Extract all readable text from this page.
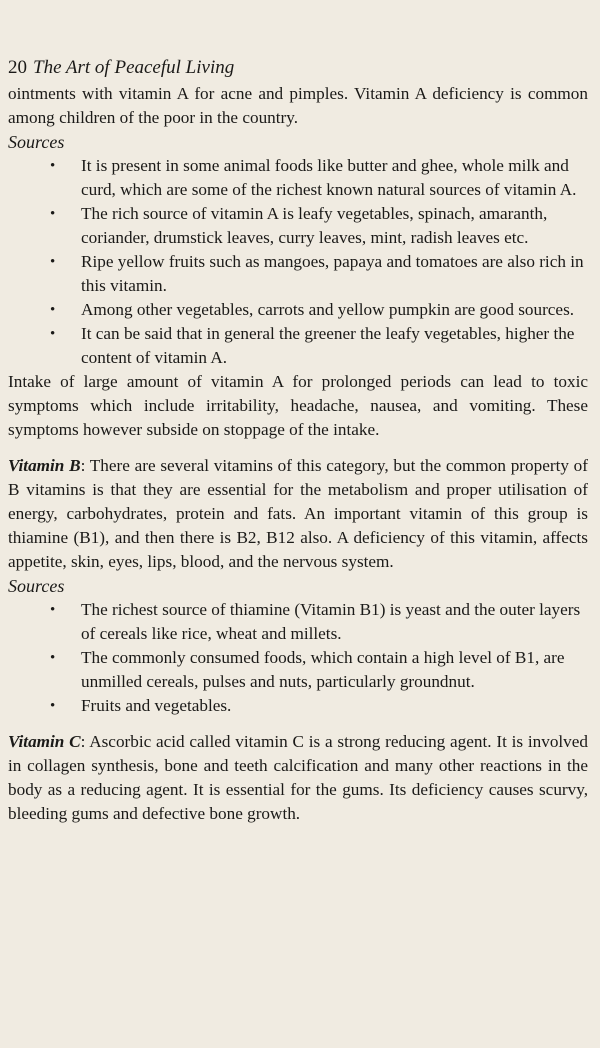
20 The Art of Peaceful Living

ointments with vitamin A for acne and pimples. Vitamin A deficiency is common among children of the poor in the country.

Sources
• It is present in some animal foods like butter and ghee, whole milk and curd, which are some of the richest known natural sources of vitamin A.
• The rich source of vitamin A is leafy vegetables, spinach, amaranth, coriander, drumstick leaves, curry leaves, mint, radish leaves etc.
• Ripe yellow fruits such as mangoes, papaya and tomatoes are also rich in this vitamin.
• Among other vegetables, carrots and yellow pumpkin are good sources.
• It can be said that in general the greener the leafy vegetables, higher the content of vitamin A.

Intake of large amount of vitamin A for prolonged periods can lead to toxic symptoms which include irritability, headache, nausea, and vomiting. These symptoms however subside on stoppage of the intake.

Vitamin B: There are several vitamins of this category, but the common property of B vitamins is that they are essential for the metabolism and proper utilisation of energy, carbohydrates, protein and fats. An important vitamin of this group is thiamine (B1), and then there is B2, B12 also. A deficiency of this vitamin, affects appetite, skin, eyes, lips, blood, and the nervous system.

Sources
• The richest source of thiamine (Vitamin B1) is yeast and the outer layers of cereals like rice, wheat and millets.
• The commonly consumed foods, which contain a high level of B1, are unmilled cereals, pulses and nuts, particularly groundnut.
• Fruits and vegetables.

Vitamin C: Ascorbic acid called vitamin C is a strong reducing agent. It is involved in collagen synthesis, bone and teeth calcification and many other reactions in the body as a reducing agent. It is essential for the gums. Its deficiency causes scurvy, bleeding gums and defective bone growth.
